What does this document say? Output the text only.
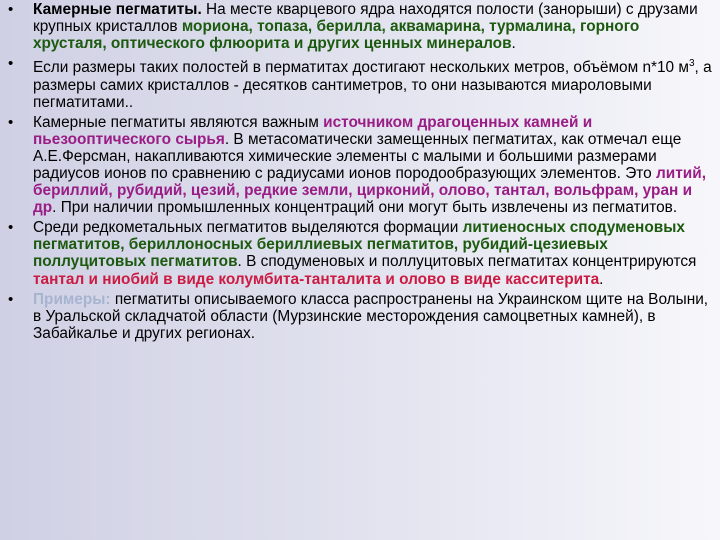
• Камерные пегматиты. На месте кварцевого ядра находятся полости (занорыши) с друзами крупных кристаллов мориона, топаза, берилла, аквамарина, турмалина, горного хрусталя, оптического флюорита и других ценных минералов.
• Если размеры таких полостей в перматитах достигают нескольких метров, объёмом n*10 $м^3$, а размеры самих кристаллов - десятков сантиметров, то они называются миароловыми пегматитами..
• Камерные пегматиты являются важным источником драгоценных камней и пьезооптического сырья. В метасоматически замещенных пегматитах, как отмечал еще А.Е.Ферсман, накапливаются химические элементы с малыми и большими размерами радиусов ионов по сравнению с радиусами ионов породообразующих элементов. Это литий, бериллий, рубидий, цезий, редкие земли, цирконий, олово, тантал, вольфрам, уран и др. При наличии промышленных концентраций они могут быть извлечены из пегматитов.
• Среди редкометальных пегматитов выделяются формации литиеносных сподуменовых пегматитов, бериллоносных бериллиевых пегматитов, рубидий-цезиевых поллуцитовых пегматитов. В сподуменовых и поллуцитовых пегматитах концентрируются тантал и ниобий в виде колумбита-танталита и олово в виде касситерита.
• Примеры: пегматиты описываемого класса распространены на Украинском щите на Волыни, в Уральской складчатой области (Мурзинские месторождения самоцветных камней), в Забайкалье и других регионах.
